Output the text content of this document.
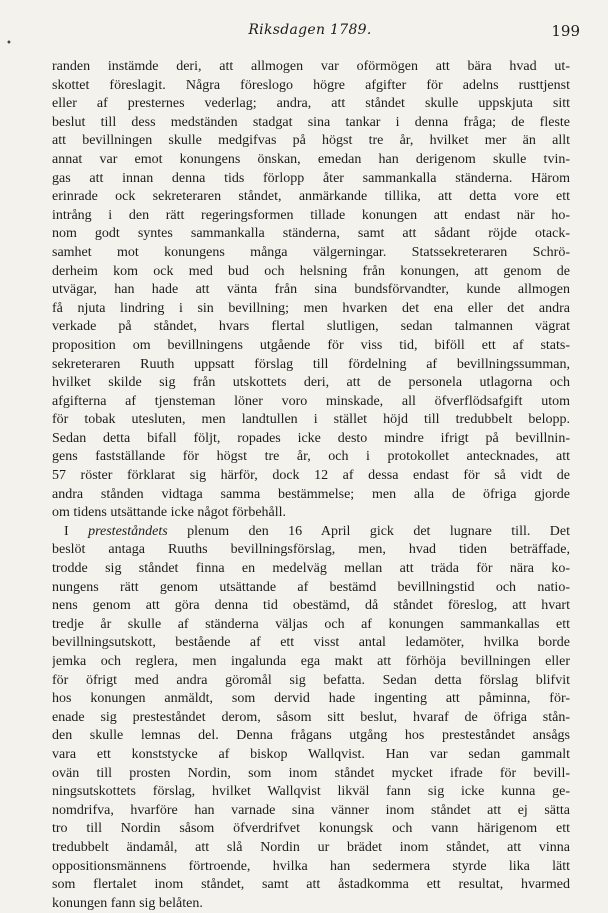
•
Riksdagen 1789.	199
randen instämde deri, att allmogen var oförmögen att bära hvad ut-
skottet föreslagit. Några föreslogo högre afgifter för adelns rusttjenst
eller af presternes vederlag; andra, att ståndet skulle uppskjuta sitt
beslut till dess medständen stadgat sina tankar i denna fråga; de fleste
att bevillningen skulle medgifvas på högst tre år, hvilket mer än allt
annat var emot konungens önskan, emedan han derigenom skulle tvin-
gas att innan denna tids förlopp åter sammankalla ständerna. Härom
erinrade ock sekreteraren ståndet, anmärkande tillika, att detta vore ett
intrång i den rätt regeringsformen tillade konungen att endast när ho-
nom godt syntes sammankalla ständerna, samt att sådant röjde otack-
samhet mot konungens många välgerningar. Statssekreteraren Schrö-
derheim kom ock med bud och helsning från konungen, att genom de
utvägar, han hade att vänta från sina bundsförvandter, kunde allmogen
få njuta lindring i sin bevillning; men hvarken det ena eller det andra
verkade på ståndet, hvars flertal slutligen, sedan talmannen vägrat
proposition om bevillningens utgående för viss tid, biföll ett af stats-
sekreteraren Ruuth uppsatt förslag till fördelning af bevillningssumman,
hvilket skilde sig från utskottets deri, att de personela utlagorna och
afgifterna af tjensteman löner voro minskade, all öfverflödsafgift utom
för tobak utesluten, men landtullen i stället höjd till tredubbelt belopp.
Sedan detta bifall följt, ropades icke desto mindre ifrigt på bevillnin-
gens fastställande för högst tre år, och i protokollet antecknades, att
57 röster förklarat sig härför, dock 12 af dessa endast för så vidt de
andra stånden vidtaga samma bestämmelse; men alla de öfriga gjorde
om tidens utsättande icke något förbehåll.
I presteståndets plenum den 16 April gick det lugnare till. Det
beslöt antaga Ruuths bevillningsförslag, men, hvad tiden beträffade,
trodde sig ståndet finna en medelväg mellan att träda för nära ko-
nungens rätt genom utsättande af bestämd bevillningstid och natio-
nens genom att göra denna tid obestämd, då ståndet föreslog, att hvart
tredje år skulle af ständerna väljas och af konungen sammankallas ett
bevillningsutskott, bestående af ett visst antal ledamöter, hvilka borde
jemka och reglera, men ingalunda ega makt att förhöja bevillningen eller
för öfrigt med andra göromål sig befatta. Sedan detta förslag blifvit
hos konungen anmäldt, som dervid hade ingenting att påminna, för-
enade sig presteståndet derom, såsom sitt beslut, hvaraf de öfriga stån-
den skulle lemnas del. Denna frågans utgång hos presteståndet ansågs
vara ett konststycke af biskop Wallqvist. Han var sedan gammalt
ovän till prosten Nordin, som inom ståndet mycket ifrade för bevill-
ningsutskottets förslag, hvilket Wallqvist likväl fann sig icke kunna ge-
nomdrifva, hvarföre han varnade sina vänner inom ståndet att ej sätta
tro till Nordin såsom öfverdrifvet konungsk och vann härigenom ett
tredubbelt ändamål, att slå Nordin ur brädet inom ståndet, att vinna
oppositionsmännens förtroende, hvilka han sedermera styrde lika lätt
som flertalet inom ståndet, samt att åstadkomma ett resultat, hvarmed
konungen fann sig belåten.
